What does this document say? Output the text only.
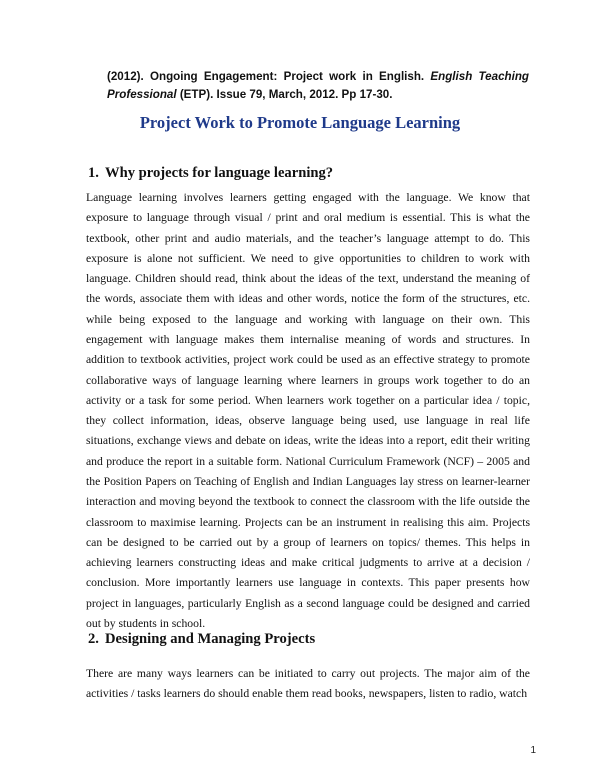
(2012). Ongoing Engagement: Project work in English. English Teaching Professional (ETP). Issue 79, March, 2012. Pp 17-30.
Project Work to Promote Language Learning
1. Why projects for language learning?
Language learning involves learners getting engaged with the language. We know that exposure to language through visual / print and oral medium is essential. This is what the textbook, other print and audio materials, and the teacher’s language attempt to do. This exposure is alone not sufficient. We need to give opportunities to children to work with language. Children should read, think about the ideas of the text, understand the meaning of the words, associate them with ideas and other words, notice the form of the structures, etc. while being exposed to the language and working with language on their own. This engagement with language makes them internalise meaning of words and structures. In addition to textbook activities, project work could be used as an effective strategy to promote collaborative ways of language learning where learners in groups work together to do an activity or a task for some period. When learners work together on a particular idea / topic, they collect information, ideas, observe language being used, use language in real life situations, exchange views and debate on ideas, write the ideas into a report, edit their writing and produce the report in a suitable form. National Curriculum Framework (NCF) – 2005 and the Position Papers on Teaching of English and Indian Languages lay stress on learner-learner interaction and moving beyond the textbook to connect the classroom with the life outside the classroom to maximise learning. Projects can be an instrument in realising this aim. Projects can be designed to be carried out by a group of learners on topics/ themes. This helps in achieving learners constructing ideas and make critical judgments to arrive at a decision / conclusion. More importantly learners use language in contexts. This paper presents how project in languages, particularly English as a second language could be designed and carried out by students in school.
2. Designing and Managing Projects
There are many ways learners can be initiated to carry out projects. The major aim of the activities / tasks learners do should enable them read books, newspapers, listen to radio, watch
1
